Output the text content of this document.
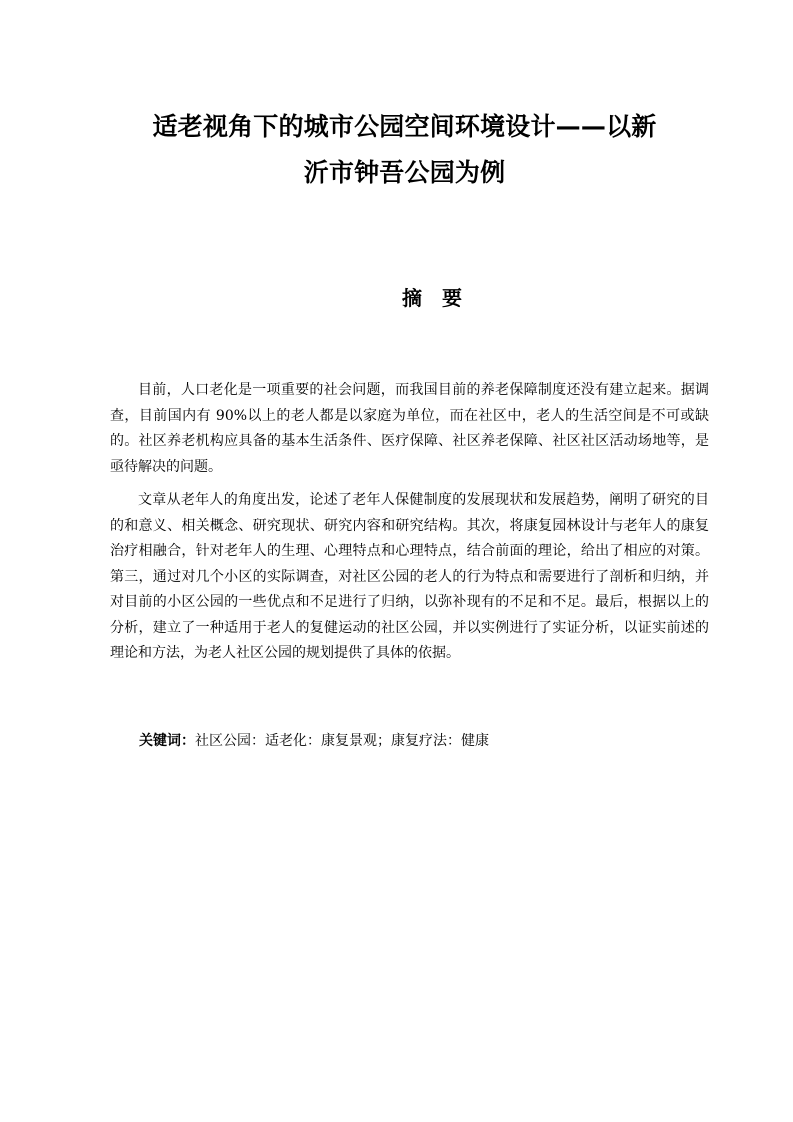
适老视角下的城市公园空间环境设计——以新
沂市钟吾公园为例
摘　要

目前，人口老化是一项重要的社会问题，而我国目前的养老保障制度还没有建立起来。据调查，目前国内有 90%以上的老人都是以家庭为单位，而在社区中，老人的生活空间是不可或缺的。社区养老机构应具备的基本生活条件、医疗保障、社区养老保障、社区社区活动场地等，是亟待解决的问题。

文章从老年人的角度出发，论述了老年人保健制度的发展现状和发展趋势，阐明了研究的目的和意义、相关概念、研究现状、研究内容和研究结构。其次，将康复园林设计与老年人的康复治疗相融合，针对老年人的生理、心理特点和心理特点，结合前面的理论，给出了相应的对策。第三，通过对几个小区的实际调查，对社区公园的老人的行为特点和需要进行了剖析和归纳，并对目前的小区公园的一些优点和不足进行了归纳，以弥补现有的不足和不足。最后，根据以上的分析，建立了一种适用于老人的复健运动的社区公园，并以实例进行了实证分析，以证实前述的理论和方法，为老人社区公园的规划提供了具体的依据。

关键词：社区公园：适老化：康复景观；康复疗法：健康
